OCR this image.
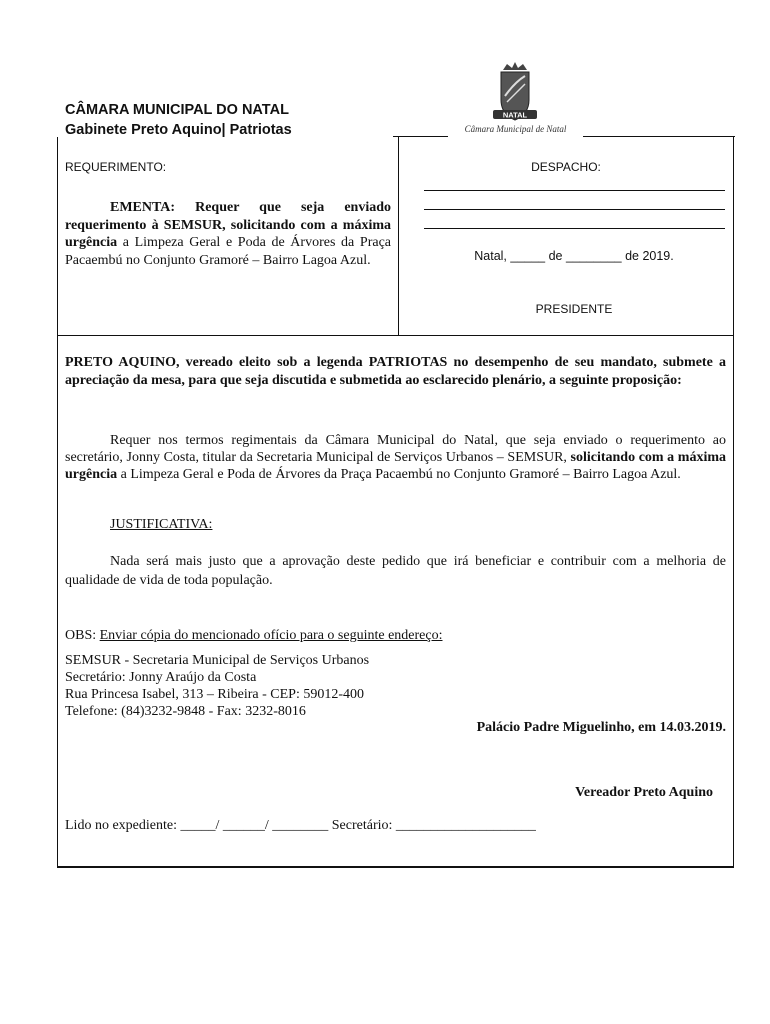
CÂMARA MUNICIPAL DO NATAL
Gabinete Preto Aquino| Patriotas
NATAL
Câmara Municipal de Natal
REQUERIMENTO:
EMENTA: Requer que seja enviado requerimento à SEMSUR, solicitando com a máxima urgência a Limpeza Geral e Poda de Árvores da Praça Pacaembú no Conjunto Gramoré – Bairro Lagoa Azul.
DESPACHO:
Natal, _____ de ________ de 2019.
PRESIDENTE
PRETO AQUINO, vereado eleito sob a legenda PATRIOTAS no desempenho de seu mandato, submete a apreciação da mesa, para que seja discutida e submetida ao esclarecido plenário, a seguinte proposição:
Requer nos termos regimentais da Câmara Municipal do Natal, que seja enviado o requerimento ao secretário, Jonny Costa, titular da Secretaria Municipal de Serviços Urbanos – SEMSUR, solicitando com a máxima urgência a Limpeza Geral e Poda de Árvores da Praça Pacaembú no Conjunto Gramoré – Bairro Lagoa Azul.
JUSTIFICATIVA:
Nada será mais justo que a aprovação deste pedido que irá beneficiar e contribuir com a melhoria de qualidade de vida de toda população.
OBS: Enviar cópia do mencionado ofício para o seguinte endereço:
SEMSUR - Secretaria Municipal de Serviços Urbanos
Secretário: Jonny Araújo da Costa
Rua Princesa Isabel, 313 – Ribeira - CEP: 59012-400
Telefone: (84)3232-9848 - Fax: 3232-8016
Palácio Padre Miguelinho, em 14.03.2019.
Vereador Preto Aquino
Lido no expediente: _____/ ______/ ________ Secretário: ____________________
